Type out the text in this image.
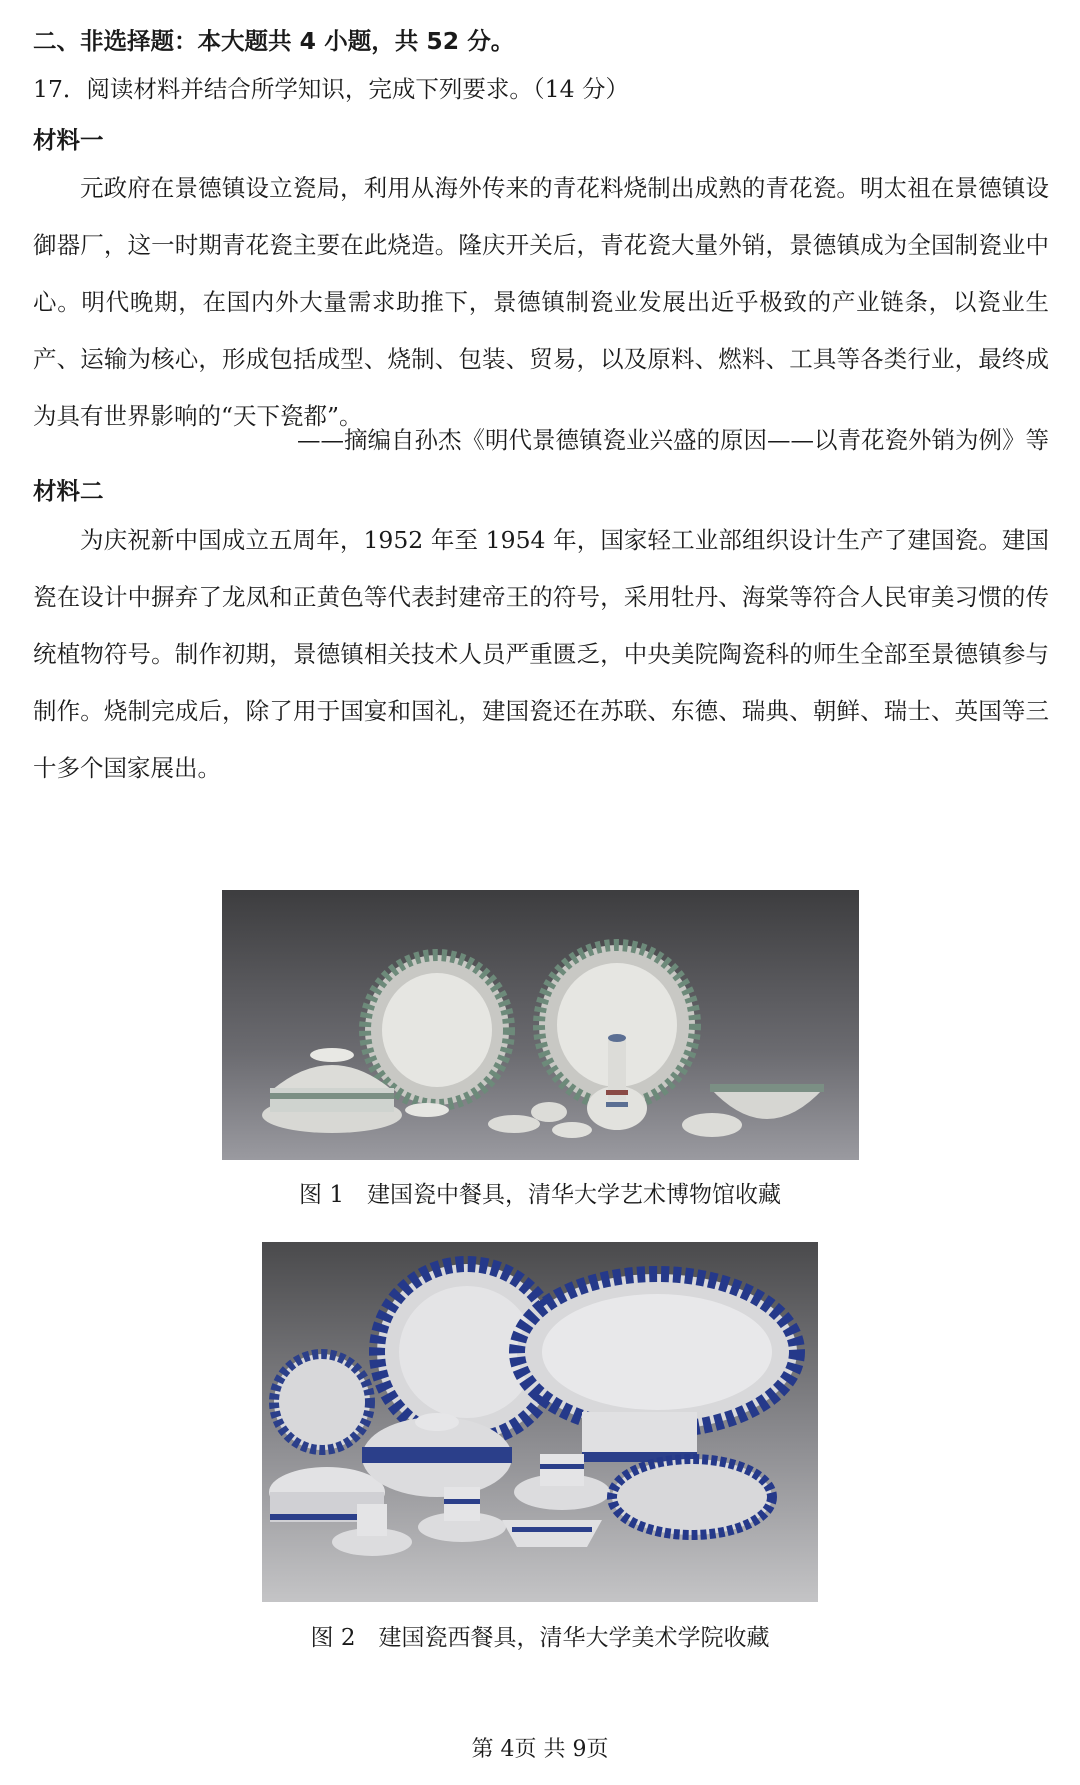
二、非选择题：本大题共 4 小题，共 52 分。
17．阅读材料并结合所学知识，完成下列要求。（14 分）
材料一
元政府在景德镇设立瓷局，利用从海外传来的青花料烧制出成熟的青花瓷。明太祖在景德镇设御器厂，这一时期青花瓷主要在此烧造。隆庆开关后，青花瓷大量外销，景德镇成为全国制瓷业中心。明代晚期，在国内外大量需求助推下，景德镇制瓷业发展出近乎极致的产业链条，以瓷业生产、运输为核心，形成包括成型、烧制、包装、贸易，以及原料、燃料、工具等各类行业，最终成为具有世界影响的“天下瓷都”。
——摘编自孙杰《明代景德镇瓷业兴盛的原因——以青花瓷外销为例》等
材料二
为庆祝新中国成立五周年，1952 年至 1954 年，国家轻工业部组织设计生产了建国瓷。建国瓷在设计中摒弃了龙凤和正黄色等代表封建帝王的符号，采用牡丹、海棠等符合人民审美习惯的传统植物符号。制作初期，景德镇相关技术人员严重匮乏，中央美院陶瓷科的师生全部至景德镇参与制作。烧制完成后，除了用于国宴和国礼，建国瓷还在苏联、东德、瑞典、朝鲜、瑞士、英国等三十多个国家展出。
图 1　建国瓷中餐具，清华大学艺术博物馆收藏
图 2　建国瓷西餐具，清华大学美术学院收藏
第 4页 共 9页
